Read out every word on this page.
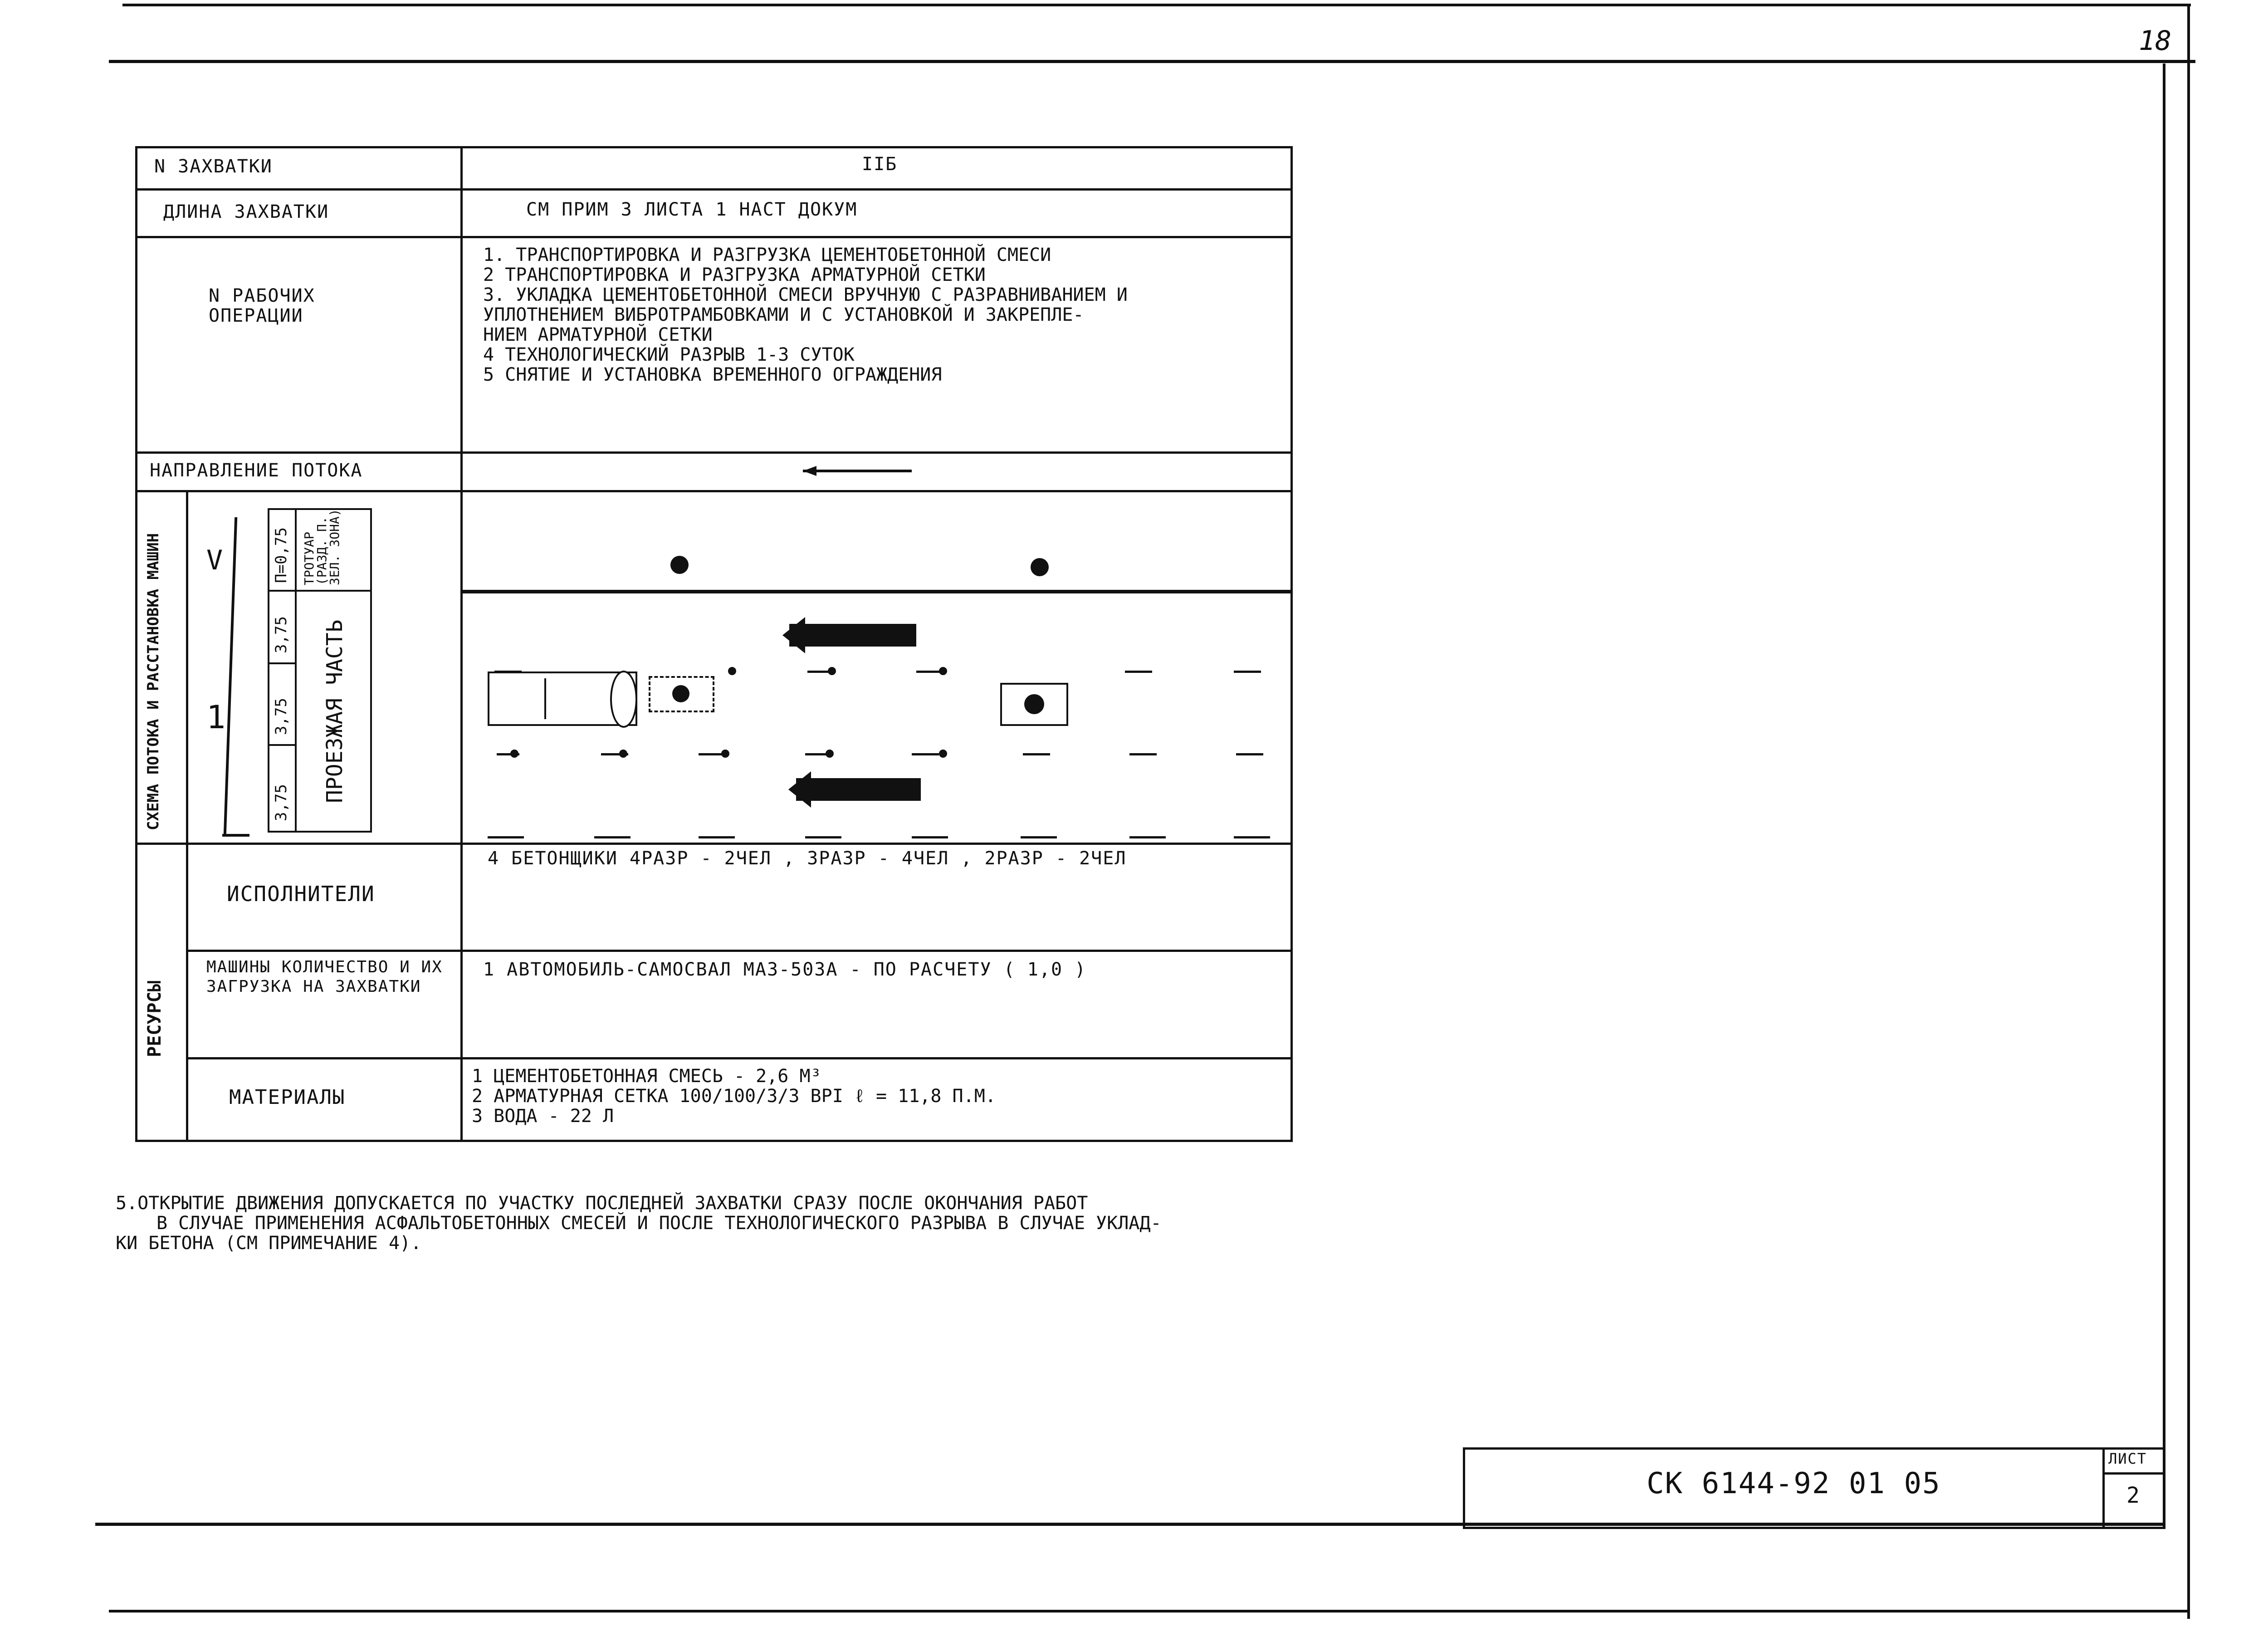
18
N ЗАХВАТКИ	IIБ
ДЛИНА ЗАХВАТКИ	СМ ПРИМ 3 ЛИСТА 1 НАСТ ДОКУМ
N РАБОЧИХ ОПЕРАЦИИ
1. ТРАНСПОРТИРОВКА И РАЗГРУЗКА ЦЕМЕНТОБЕТОННОЙ СМЕСИ
2 ТРАНСПОРТИРОВКА И РАЗГРУЗКА АРМАТУРНОЙ СЕТКИ
3. УКЛАДКА ЦЕМЕНТОБЕТОННОЙ СМЕСИ ВРУЧНУЮ С РАЗРАВНИВАНИЕМ И
УПЛОТНЕНИЕМ ВИБРОТРАМБОВКАМИ И С УСТАНОВКОЙ И ЗАКРЕПЛЕ-
НИЕМ АРМАТУРНОЙ СЕТКИ
4 ТЕХНОЛОГИЧЕСКИЙ РАЗРЫВ 1-3 СУТОК
5 СНЯТИЕ И УСТАНОВКА ВРЕМЕННОГО ОГРАЖДЕНИЯ
НАПРАВЛЕНИЕ ПОТОКА
СХЕМА ПОТОКА И РАССТАНОВКА МАШИН V
1
П=0,75
3,75
3,75
3,75
ТРОТУАР (РАЗД. П. ЗЕЛ. ЗОНА)
ПРОЕЗЖАЯ ЧАСТЬ
РЕСУРСЫ
ИСПОЛНИТЕЛИ
4 БЕТОНЩИКИ 4РАЗР - 2ЧЕЛ , 3РАЗР - 4ЧЕЛ , 2РАЗР - 2ЧЕЛ
МАШИНЫ КОЛИЧЕСТВО И ИХ ЗАГРУЗКА НА ЗАХВАТКИ
1 АВТОМОБИЛЬ-САМОСВАЛ МАЗ-503А - ПО РАСЧЕТУ ( 1,0 )
МАТЕРИАЛЫ
1 ЦЕМЕНТОБЕТОННАЯ СМЕСЬ - 2,6 М³
2 АРМАТУРНАЯ СЕТКА 100/100/3/3 ВРI ℓ = 11,8 П.М.
3 ВОДА - 22 Л
5.ОТКРЫТИЕ ДВИЖЕНИЯ ДОПУСКАЕТСЯ ПО УЧАСТКУ ПОСЛЕДНЕЙ ЗАХВАТКИ СРАЗУ ПОСЛЕ ОКОНЧАНИЯ РАБОТ
В СЛУЧАЕ ПРИМЕНЕНИЯ АСФАЛЬТОБЕТОННЫХ СМЕСЕЙ И ПОСЛЕ ТЕХНОЛОГИЧЕСКОГО РАЗРЫВА В СЛУЧАЕ УКЛАД-
КИ БЕТОНА (СМ ПРИМЕЧАНИЕ 4).
СК 6144-92 01 05
ЛИСТ
2
